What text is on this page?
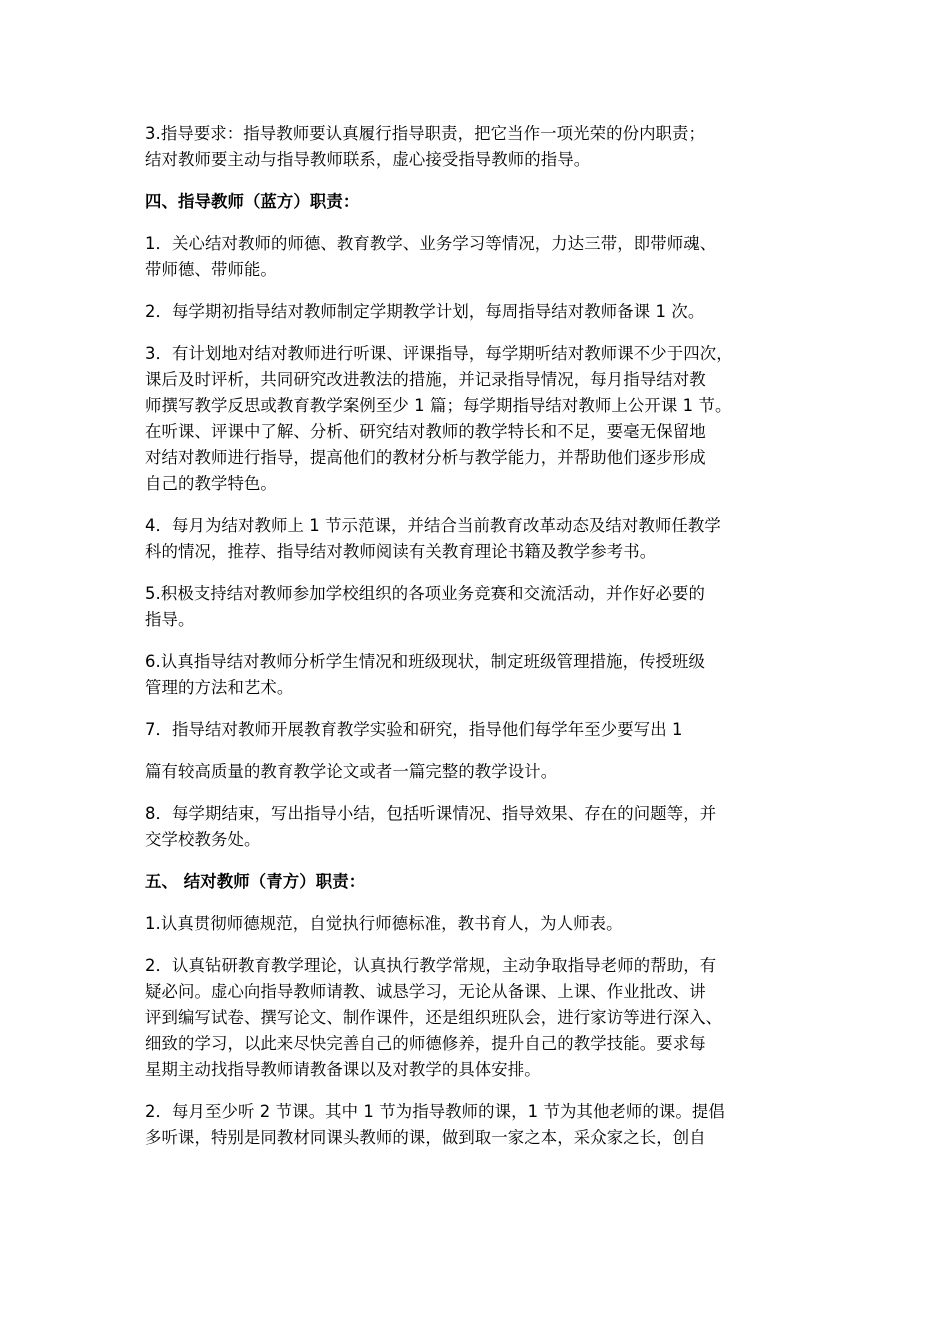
3.指导要求：指导教师要认真履行指导职责，把它当作一项光荣的份内职责；
结对教师要主动与指导教师联系，虚心接受指导教师的指导。

四、指导教师（蓝方）职责：

1．关心结对教师的师德、教育教学、业务学习等情况，力达三带，即带师魂、
带师德、带师能。

2．每学期初指导结对教师制定学期教学计划，每周指导结对教师备课 1 次。

3．有计划地对结对教师进行听课、评课指导，每学期听结对教师课不少于四次，
课后及时评析，共同研究改进教法的措施，并记录指导情况，每月指导结对教
师撰写教学反思或教育教学案例至少 1 篇；每学期指导结对教师上公开课 1 节。
在听课、评课中了解、分析、研究结对教师的教学特长和不足，要毫无保留地
对结对教师进行指导，提高他们的教材分析与教学能力，并帮助他们逐步形成
自己的教学特色。

4．每月为结对教师上 1 节示范课，并结合当前教育改革动态及结对教师任教学
科的情况，推荐、指导结对教师阅读有关教育理论书籍及教学参考书。

5.积极支持结对教师参加学校组织的各项业务竞赛和交流活动，并作好必要的
指导。

6.认真指导结对教师分析学生情况和班级现状，制定班级管理措施，传授班级
管理的方法和艺术。

7．指导结对教师开展教育教学实验和研究，指导他们每学年至少要写出 1

篇有较高质量的教育教学论文或者一篇完整的教学设计。

8．每学期结束，写出指导小结，包括听课情况、指导效果、存在的问题等，并
交学校教务处。

五、 结对教师（青方）职责：

1.认真贯彻师德规范，自觉执行师德标准，教书育人，为人师表。

2．认真钻研教育教学理论，认真执行教学常规，主动争取指导老师的帮助，有
疑必问。虚心向指导教师请教、诚恳学习，无论从备课、上课、作业批改、讲
评到编写试卷、撰写论文、制作课件，还是组织班队会，进行家访等进行深入、
细致的学习，以此来尽快完善自己的师德修养，提升自己的教学技能。要求每
星期主动找指导教师请教备课以及对教学的具体安排。

2．每月至少听 2 节课。其中 1 节为指导教师的课，1 节为其他老师的课。提倡
多听课，特别是同教材同课头教师的课，做到取一家之本，采众家之长，创自
